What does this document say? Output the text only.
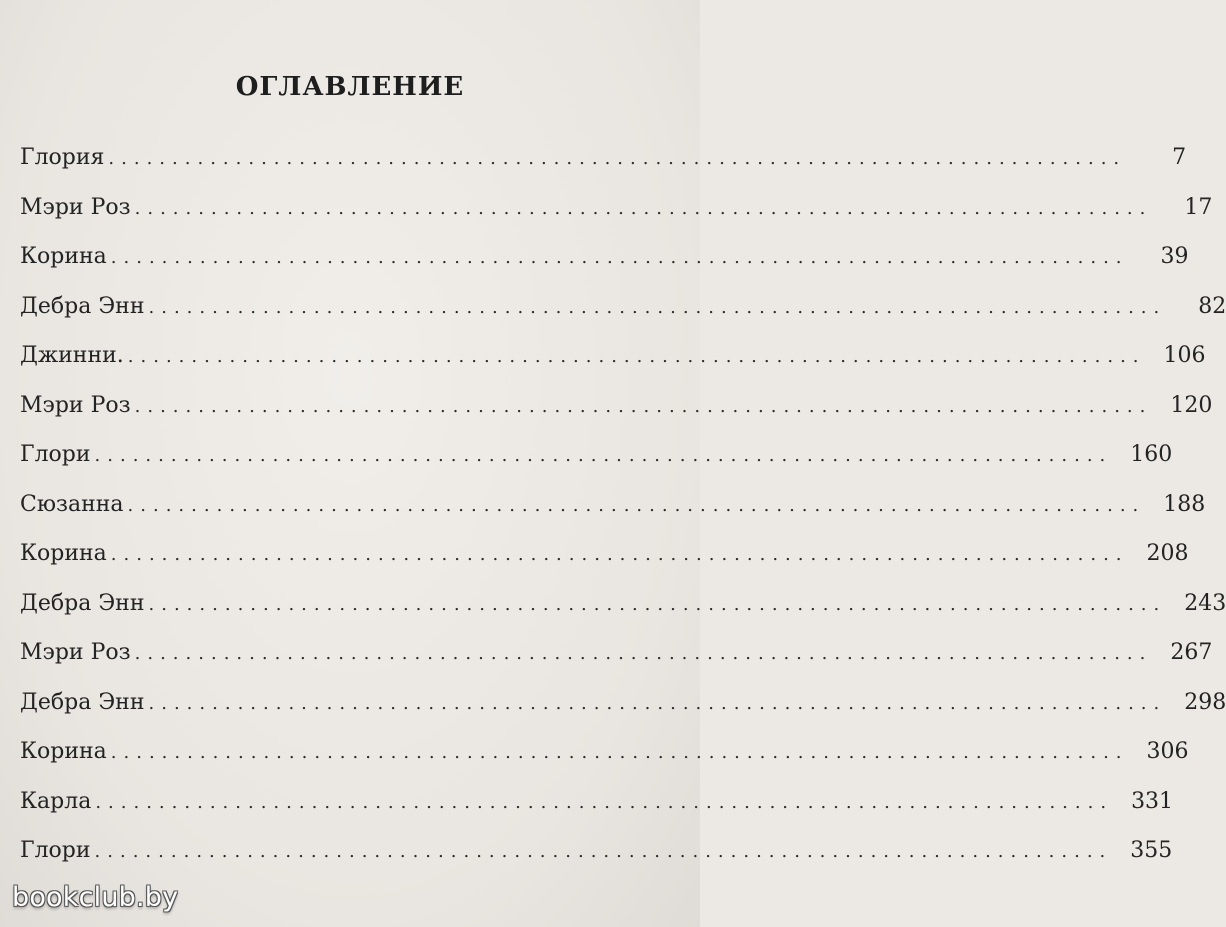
ОГЛАВЛЕНИЕ
Глория ................................................................................	7
Мэри Роз ................................................................................	17
Корина ................................................................................	39
Дебра Энн ................................................................................	82
Джинни. ................................................................................ 106
Мэри Роз ................................................................................ 120
Глори ................................................................................ 160
Сюзанна ................................................................................ 188
Корина ................................................................................ 208
Дебра Энн ................................................................................ 243
Мэри Роз ................................................................................ 267
Дебра Энн ................................................................................ 298
Корина ................................................................................ 306
Карла ................................................................................ 331
Глори ................................................................................ 355
bookclub.by
